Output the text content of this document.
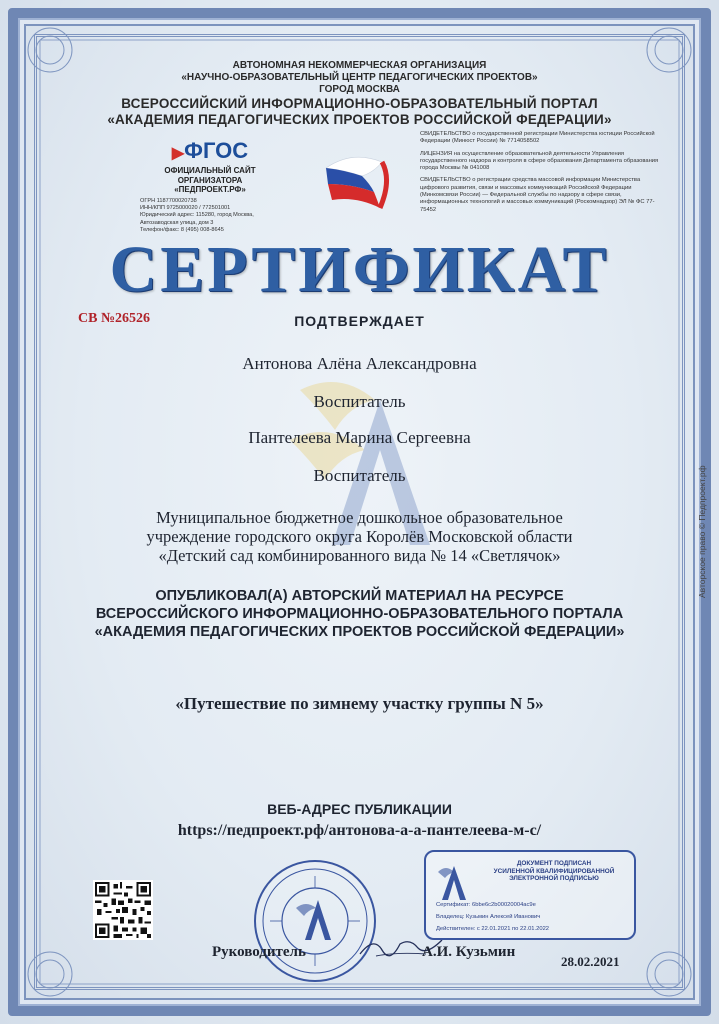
АВТОНОМНАЯ НЕКОММЕРЧЕСКАЯ ОРГАНИЗАЦИЯ
«НАУЧНО-ОБРАЗОВАТЕЛЬНЫЙ ЦЕНТР ПЕДАГОГИЧЕСКИХ ПРОЕКТОВ»
ГОРОД МОСКВА
ВСЕРОССИЙСКИЙ ИНФОРМАЦИОННО-ОБРАЗОВАТЕЛЬНЫЙ ПОРТАЛ
«АКАДЕМИЯ ПЕДАГОГИЧЕСКИХ ПРОЕКТОВ РОССИЙСКОЙ ФЕДЕРАЦИИ»
▶ФГОС
ОФИЦИАЛЬНЫЙ САЙТ
ОРГАНИЗАТОРА
«ПЕДПРОЕКТ.РФ»
ОГРН 1187700020738
ИНН/КПП 9725000020 / 772501001
Юридический адрес: 115280, город Москва,
Автозаводская улица, дом 3
Телефон/факс: 8 (495) 008-8645

СВИДЕТЕЛЬСТВО о государственной регистрации Министерства юстиции Российской Федерации (Минюст России) № 7714058502

ЛИЦЕНЗИЯ на осуществление образовательной деятельности Управления государственного надзора и контроля в сфере образования Департамента образования города Москвы № 041008

СВИДЕТЕЛЬСТВО о регистрации средства массовой информации Министерства цифрового развития, связи и массовых коммуникаций Российской Федерации (Минкомсвязи России) — Федеральной службы по надзору в сфере связи, информационных технологий и массовых коммуникаций (Роскомнадзор) ЭЛ № ФС 77-75452

СЕРТИФИКАТ
СВ №26526	ПОДТВЕРЖДАЕТ
Антонова Алёна Александровна
Воспитатель
Пантелеева Марина Сергеевна
Воспитатель
Муниципальное бюджетное дошкольное образовательное
учреждение городского округа Королёв Московской области
«Детский сад комбинированного вида № 14 «Светлячок»
ОПУБЛИКОВАЛ(А) АВТОРСКИЙ МАТЕРИАЛ НА РЕСУРСЕ
ВСЕРОССИЙСКОГО ИНФОРМАЦИОННО-ОБРАЗОВАТЕЛЬНОГО ПОРТАЛА
«АКАДЕМИЯ ПЕДАГОГИЧЕСКИХ ПРОЕКТОВ РОССИЙСКОЙ ФЕДЕРАЦИИ»
«Путешествие по зимнему участку группы N 5»
ВЕБ-АДРЕС ПУБЛИКАЦИИ
https://педпроект.рф/антонова-а-а-пантелеева-м-с/
Руководитель	А.И. Кузьмин
28.02.2021
ДОКУМЕНТ ПОДПИСАН
УСИЛЕННОЙ КВАЛИФИЦИРОВАННОЙ
ЭЛЕКТРОННОЙ ПОДПИСЬЮ
Сертификат: 6bbe6c2b00020004ac9e
Владелец: Кузьмин Алексей Иванович
Действителен: с 22.01.2021 по 22.01.2022
Авторское право © Педпроект.рф
